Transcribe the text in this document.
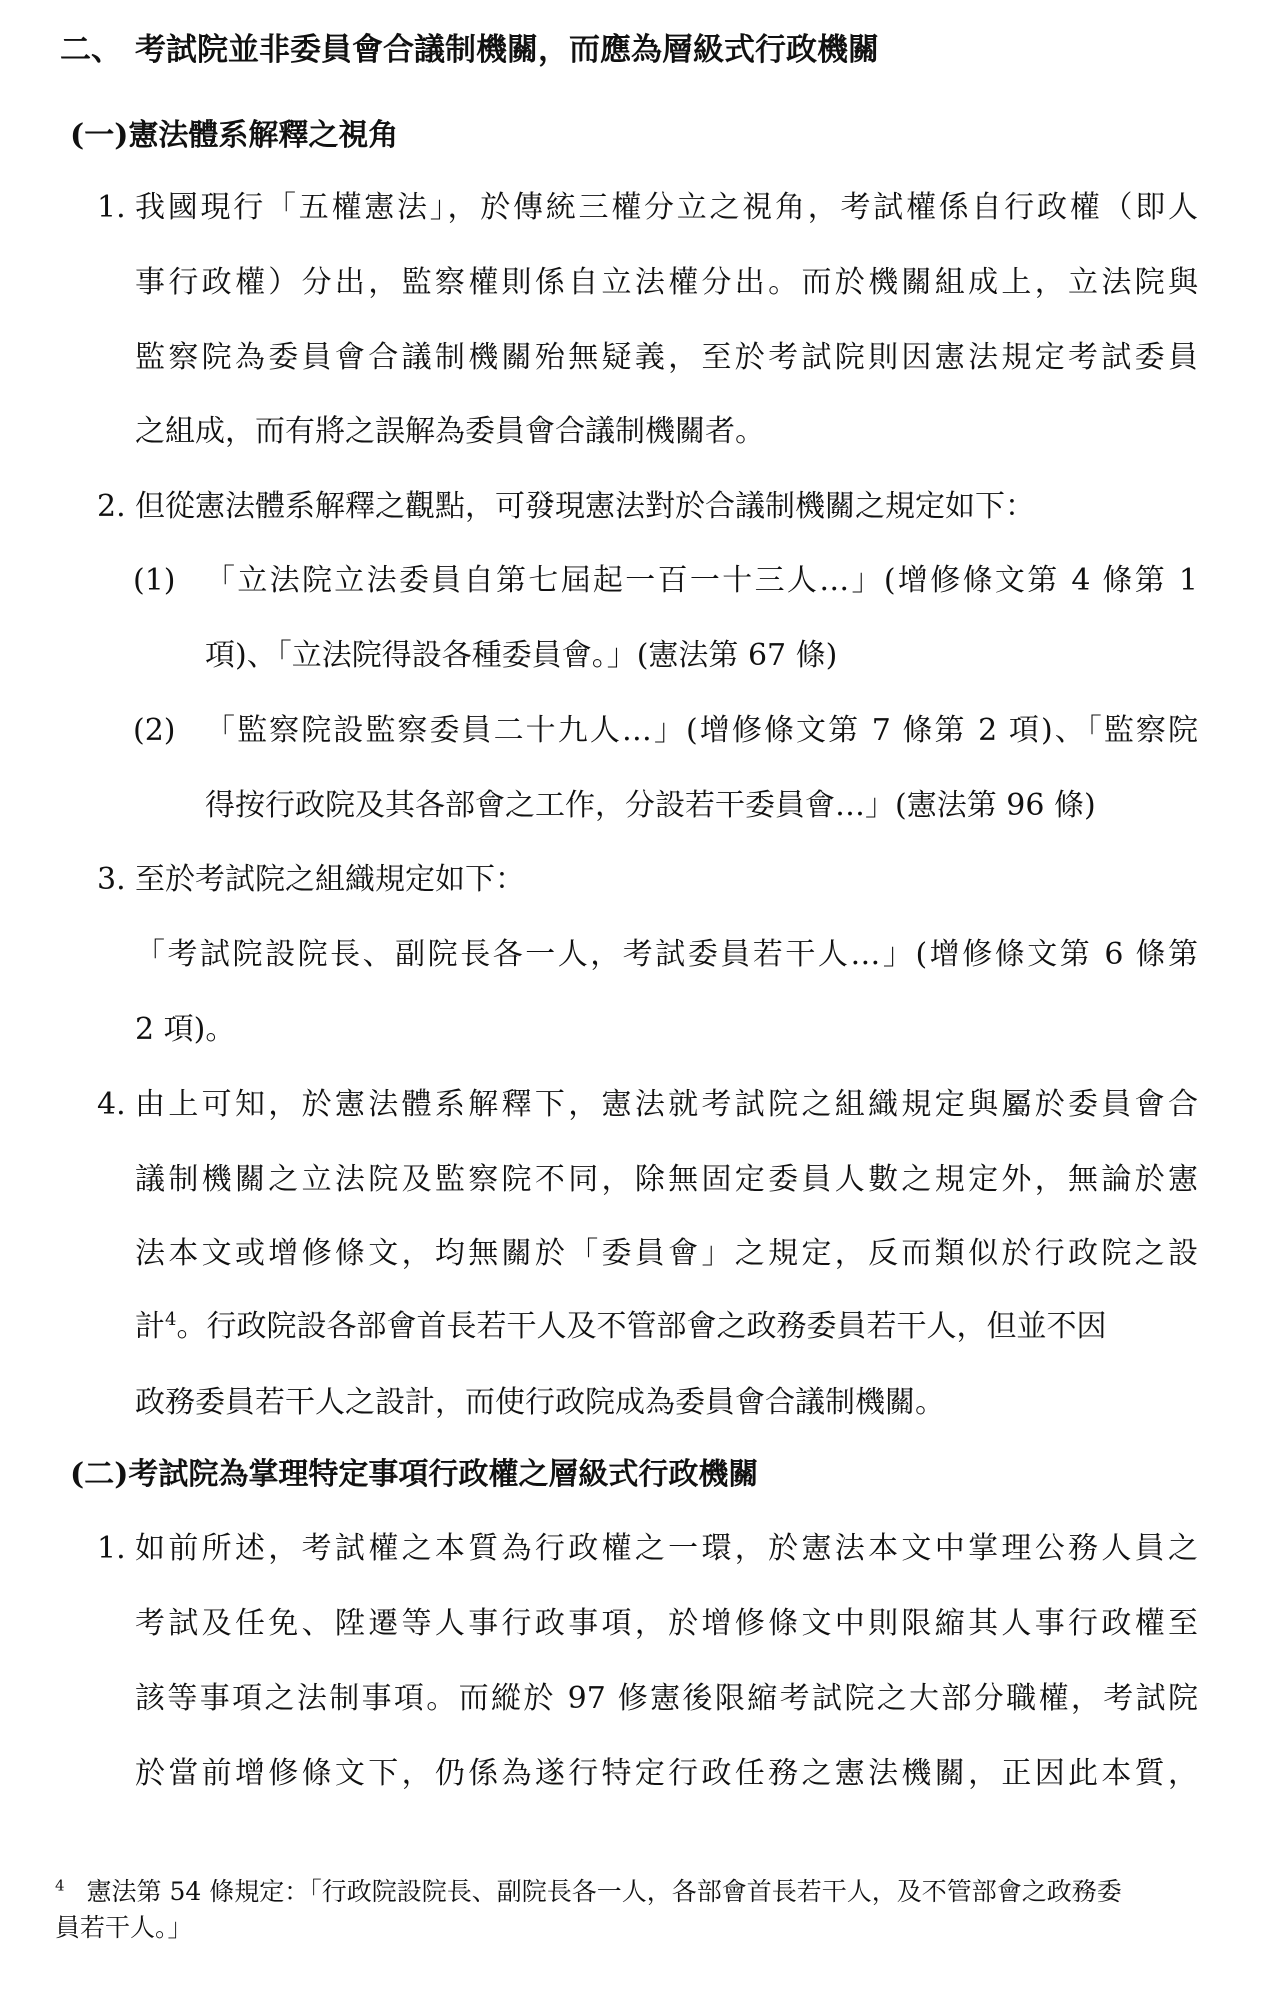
二、 考試院並非委員會合議制機關，而應為層級式行政機關
(一)憲法體系解釋之視角
1. 我國現行「五權憲法」，於傳統三權分立之視角，考試權係自行政權（即人
事行政權）分出，監察權則係自立法權分出。而於機關組成上，立法院與
監察院為委員會合議制機關殆無疑義，至於考試院則因憲法規定考試委員
之組成，而有將之誤解為委員會合議制機關者。
2. 但從憲法體系解釋之觀點，可發現憲法對於合議制機關之規定如下：
(1) 「立法院立法委員自第七屆起一百一十三人…」(增修條文第 4 條第 1
項)、「立法院得設各種委員會。」(憲法第 67 條)
(2) 「監察院設監察委員二十九人…」(增修條文第 7 條第 2 項)、「監察院
得按行政院及其各部會之工作，分設若干委員會…」(憲法第 96 條)
3. 至於考試院之組織規定如下：
「考試院設院長、副院長各一人，考試委員若干人…」(增修條文第 6 條第
2 項)。
4. 由上可知，於憲法體系解釋下，憲法就考試院之組織規定與屬於委員會合
議制機關之立法院及監察院不同，除無固定委員人數之規定外，無論於憲
法本文或增修條文，均無關於「委員會」之規定，反而類似於行政院之設
計$^4$。行政院設各部會首長若干人及不管部會之政務委員若干人，但並不因
政務委員若干人之設計，而使行政院成為委員會合議制機關。
(二)考試院為掌理特定事項行政權之層級式行政機關
1. 如前所述，考試權之本質為行政權之一環，於憲法本文中掌理公務人員之
考試及任免、陞遷等人事行政事項，於增修條文中則限縮其人事行政權至
該等事項之法制事項。而縱於 97 修憲後限縮考試院之大部分職權，考試院
於當前增修條文下，仍係為遂行特定行政任務之憲法機關，正因此本質，
$^4$ 憲法第 54 條規定：「行政院設院長、副院長各一人，各部會首長若干人，及不管部會之政務委
員若干人。」
